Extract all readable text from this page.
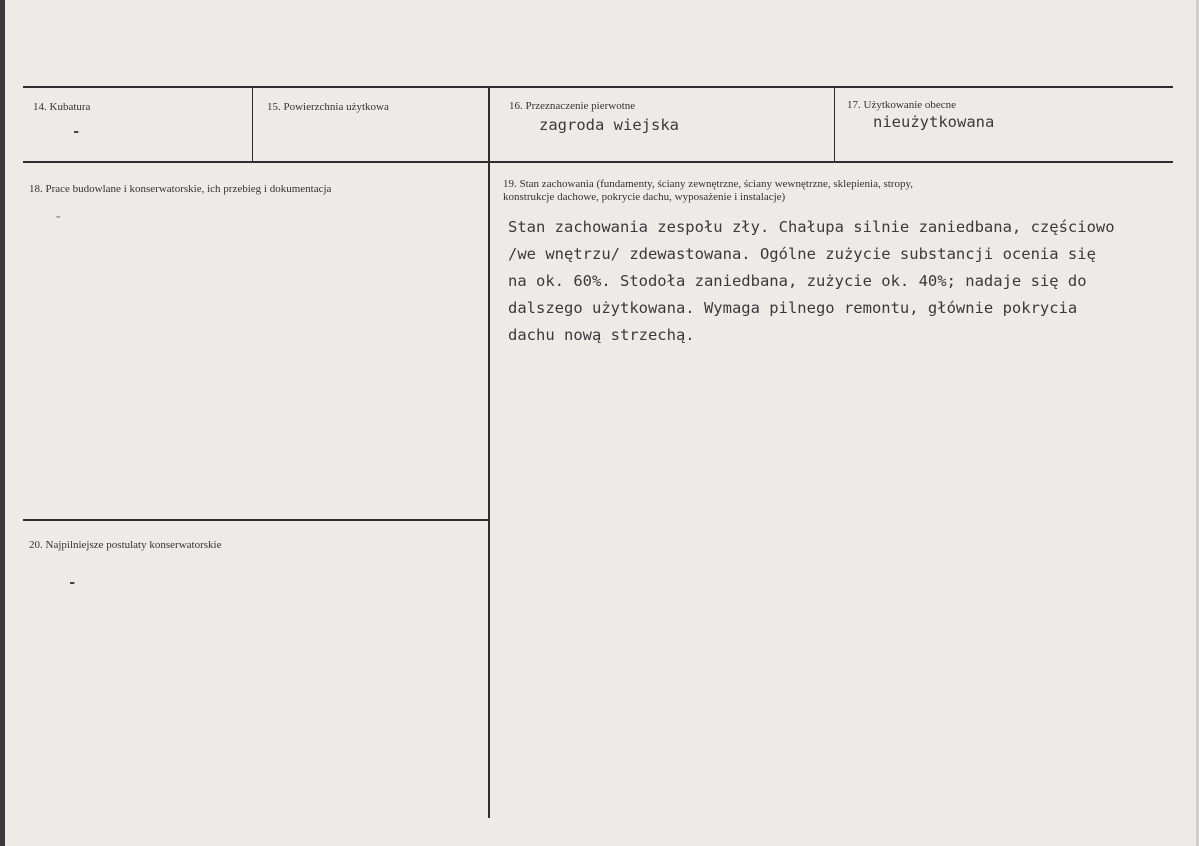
14. Kubatura
-
15. Powierzchnia użytkowa	16. Przeznaczenie pierwotne
zagroda wiejska
17. Użytkowanie obecne
nieużytkowana
18. Prace budowlane i konserwatorskie, ich przebieg i dokumentacja
-
19. Stan zachowania (fundamenty, ściany zewnętrzne, ściany wewnętrzne, sklepienia, stropy,
konstrukcje dachowe, pokrycie dachu, wyposażenie i instalacje)
Stan zachowania zespołu zły. Chałupa silnie zaniedbana, częściowo
/we wnętrzu/ zdewastowana. Ogólne zużycie substancji ocenia się
na ok. 60%. Stodoła zaniedbana, zużycie ok. 40%; nadaje się do
dalszego użytkowana. Wymaga pilnego remontu, głównie pokrycia
dachu nową strzechą.
20. Najpilniejsze postulaty konserwatorskie
-
